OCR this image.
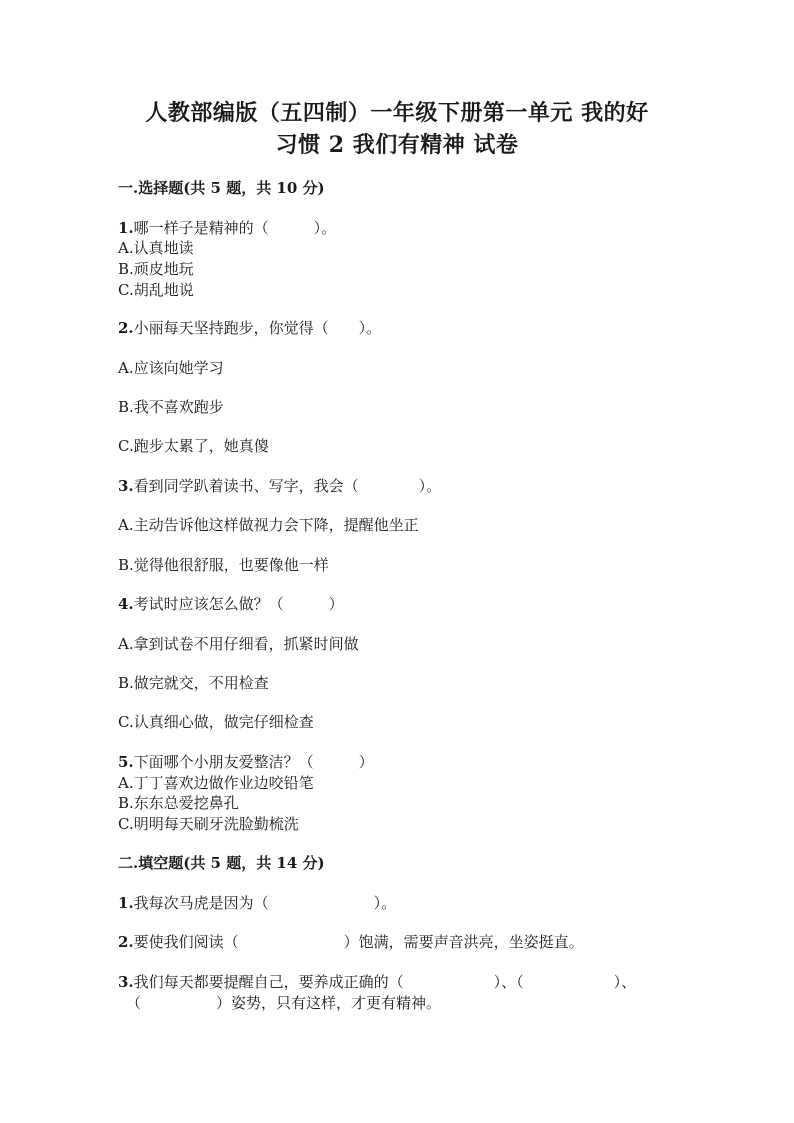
人教部编版（五四制）一年级下册第一单元 我的好
习惯 2 我们有精神 试卷
一.选择题(共 5 题，共 10 分)
1.哪一样子是精神的（　　　）。
A.认真地读
B.顽皮地玩
C.胡乱地说
2.小丽每天坚持跑步，你觉得（　　）。
A.应该向她学习
B.我不喜欢跑步
C.跑步太累了，她真傻
3.看到同学趴着读书、写字，我会（　　　　）。
A.主动告诉他这样做视力会下降，提醒他坐正
B.觉得他很舒服，也要像他一样
4.考试时应该怎么做？（　　　）
A.拿到试卷不用仔细看，抓紧时间做
B.做完就交，不用检查
C.认真细心做，做完仔细检查
5.下面哪个小朋友爱整洁？（　　　）
A.丁丁喜欢边做作业边咬铅笔
B.东东总爱挖鼻孔
C.明明每天刷牙洗脸勤梳洗
二.填空题(共 5 题，共 14 分)
1.我每次马虎是因为（　　　　　　　）。
2.要使我们阅读（　　　　　　　）饱满，需要声音洪亮，坐姿挺直。
3.我们每天都要提醒自己，要养成正确的（　　　　　　）、（　　　　　　）、
（　　　　　）姿势，只有这样，才更有精神。
